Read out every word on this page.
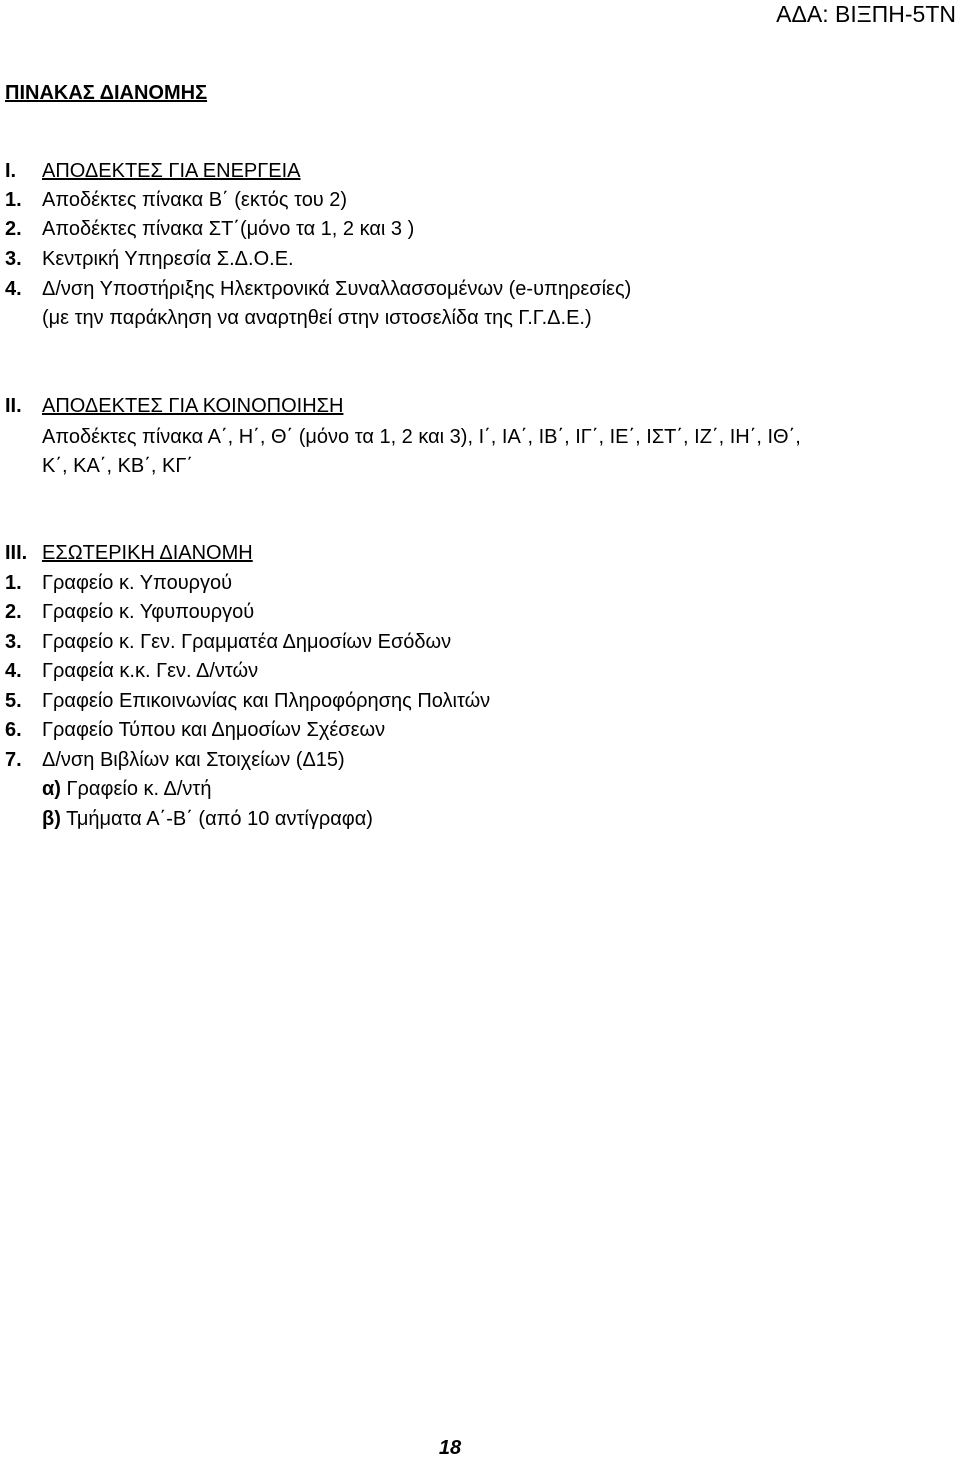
ΑΔΑ: ΒΙΞΠΗ-5ΤΝ
ΠΙΝΑΚΑΣ ΔΙΑΝΟΜΗΣ
Ι. ΑΠΟΔΕΚΤΕΣ ΓΙΑ ΕΝΕΡΓΕΙΑ
1. Αποδέκτες πίνακα Β΄ (εκτός του 2)
2. Αποδέκτες πίνακα ΣΤ΄(μόνο τα 1, 2 και 3 )
3. Κεντρική Υπηρεσία Σ.Δ.Ο.Ε.
4. Δ/νση Υποστήριξης Ηλεκτρονικά Συναλλασσομένων (e-υπηρεσίες)
(με την παράκληση να αναρτηθεί στην ιστοσελίδα της Γ.Γ.Δ.Ε.)
ΙΙ. ΑΠΟΔΕΚΤΕΣ ΓΙΑ ΚΟΙΝΟΠΟΙΗΣΗ
Αποδέκτες πίνακα Α΄, Η΄, Θ΄ (μόνο τα 1, 2 και 3), Ι΄, ΙΑ΄, ΙΒ΄, ΙΓ΄, ΙΕ΄, ΙΣΤ΄, ΙΖ΄, ΙΗ΄, ΙΘ΄,
Κ΄, ΚΑ΄, ΚΒ΄, ΚΓ΄
ΙΙΙ. ΕΣΩΤΕΡΙΚΗ ΔΙΑΝΟΜΗ
1. Γραφείο κ. Υπουργού
2. Γραφείο κ. Υφυπουργού
3. Γραφείο κ. Γεν. Γραμματέα Δημοσίων Εσόδων
4. Γραφεία κ.κ. Γεν. Δ/ντών
5. Γραφείο Επικοινωνίας και Πληροφόρησης Πολιτών
6. Γραφείο Τύπου και Δημοσίων Σχέσεων
7. Δ/νση Βιβλίων και Στοιχείων (Δ15)
α) Γραφείο κ. Δ/ντή
β) Τμήματα Α΄-Β΄ (από 10 αντίγραφα)
18
